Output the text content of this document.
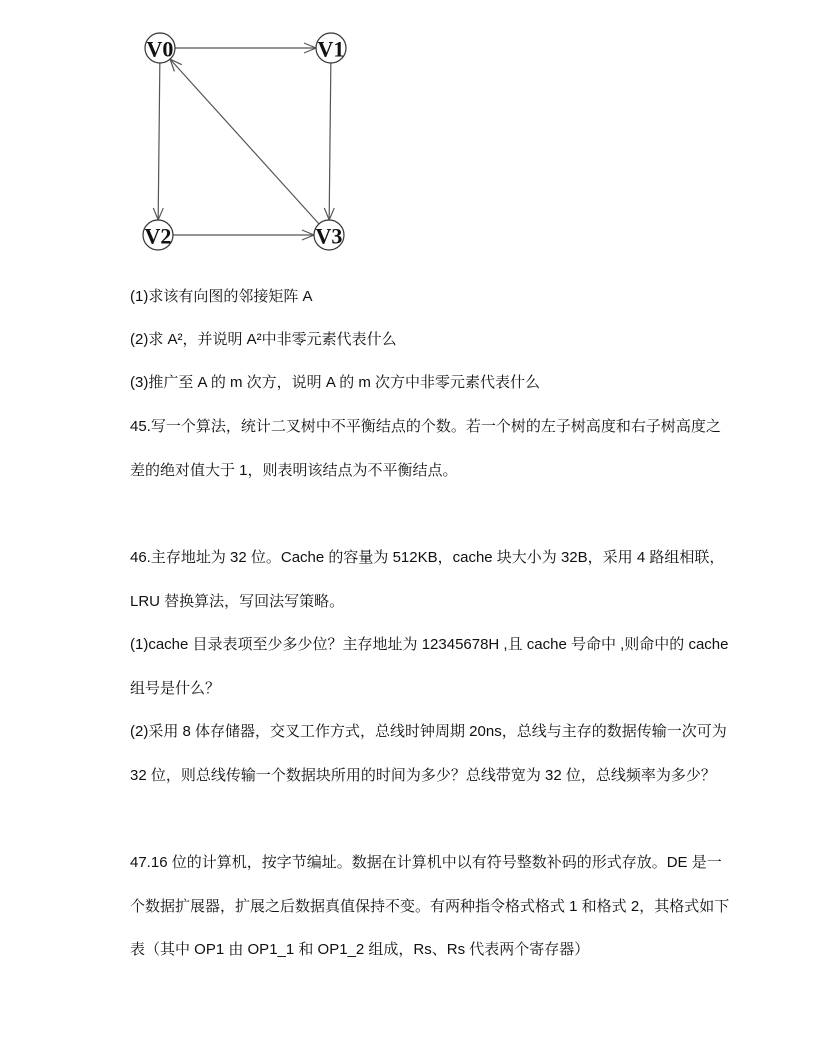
V0	V1
V2	V3
(1)求该有向图的邻接矩阵 A
(2)求 A²，并说明 A²中非零元素代表什么
(3)推广至 A 的 m 次方，说明 A 的 m 次方中非零元素代表什么
45.写一个算法，统计二叉树中不平衡结点的个数。若一个树的左子树高度和右子树高度之
差的绝对值大于 1，则表明该结点为不平衡结点。
46.主存地址为 32 位。Cache 的容量为 512KB，cache 块大小为 32B，采用 4 路组相联，
LRU 替换算法，写回法写策略。
(1)cache 目录表项至少多少位？主存地址为 12345678H ,且 cache 号命中 ,则命中的 cache
组号是什么？
(2)采用 8 体存储器，交叉工作方式，总线时钟周期 20ns，总线与主存的数据传输一次可为
32 位，则总线传输一个数据块所用的时间为多少？总线带宽为 32 位，总线频率为多少？
47.16 位的计算机，按字节编址。数据在计算机中以有符号整数补码的形式存放。DE 是一
个数据扩展器，扩展之后数据真值保持不变。有两种指令格式格式 1 和格式 2，其格式如下
表（其中 OP1 由 OP1_1 和 OP1_2 组成，Rs、Rs 代表两个寄存器）
